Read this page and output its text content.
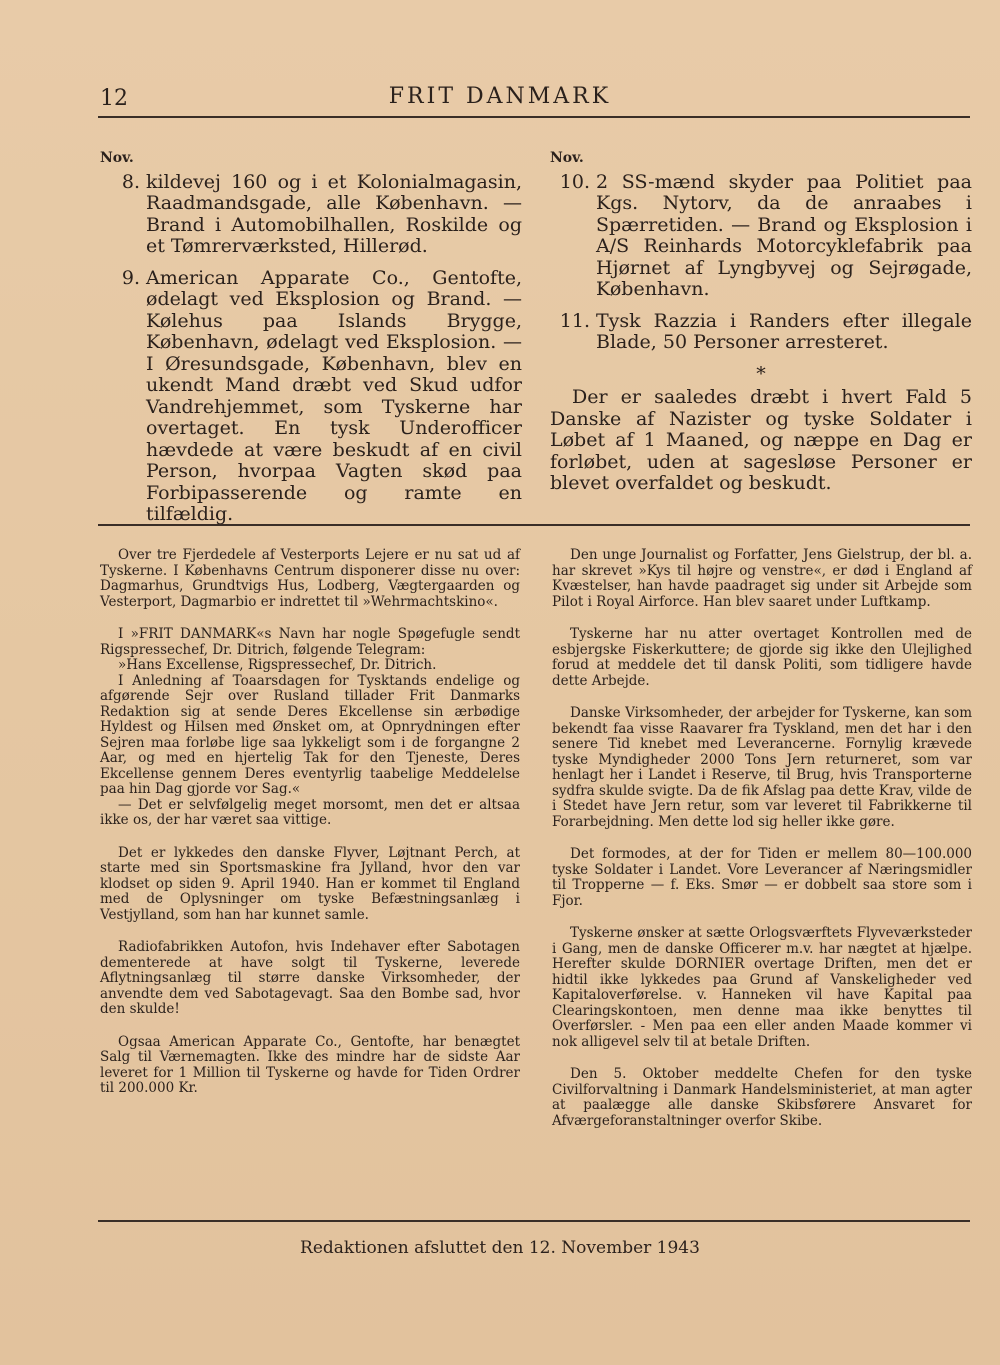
12	FRIT DANMARK
Nov.
8. kildevej 160 og i et Kolonialmagasin, Raadmandsgade, alle København. — Brand i Automobilhallen, Roskilde og et Tømrerværksted, Hillerød.
9. American Apparate Co., Gentofte, ødelagt ved Eksplosion og Brand. — Kølehus paa Islands Brygge, København, ødelagt ved Eksplosion. — I Øresundsgade, København, blev en ukendt Mand dræbt ved Skud udfor Vandrehjemmet, som Tyskerne har overtaget. En tysk Underofficer hævdede at være beskudt af en civil Person, hvorpaa Vagten skød paa Forbipasserende og ramte en tilfældig.
Nov.
10. 2 SS-mænd skyder paa Politiet paa Kgs. Nytorv, da de anraabes i Spærretiden. — Brand og Eksplosion i A/S Reinhards Motorcyklefabrik paa Hjørnet af Lyngbyvej og Sejrøgade, København.
11. Tysk Razzia i Randers efter illegale Blade, 50 Personer arresteret.
*
Der er saaledes dræbt i hvert Fald 5 Danske af Nazister og tyske Soldater i Løbet af 1 Maaned, og næppe en Dag er forløbet, uden at sagesløse Personer er blevet overfaldet og beskudt.

Over tre Fjerdedele af Vesterports Lejere er nu sat ud af Tyskerne. I Københavns Centrum disponerer disse nu over: Dagmarhus, Grundtvigs Hus, Lodberg, Vægtergaarden og Vesterport, Dagmarbio er indrettet til »Wehrmachtskino«.

I »FRIT DANMARK«s Navn har nogle Spøgefugle sendt Rigspressechef, Dr. Ditrich, følgende Telegram:

»Hans Excellense, Rigspressechef, Dr. Ditrich.

I Anledning af Toaarsdagen for Tysktands endelige og afgørende Sejr over Rusland tillader Frit Danmarks Redaktion sig at sende Deres Ekcellense sin ærbødige Hyldest og Hilsen med Ønsket om, at Opnrydningen efter Sejren maa forløbe lige saa lykkeligt som i de forgangne 2 Aar, og med en hjertelig Tak for den Tjeneste, Deres Ekcellense gennem Deres eventyrlig taabelige Meddelelse paa hin Dag gjorde vor Sag.«

— Det er selvfølgelig meget morsomt, men det er altsaa ikke os, der har været saa vittige.

Det er lykkedes den danske Flyver, Løjtnant Perch, at starte med sin Sportsmaskine fra Jylland, hvor den var klodset op siden 9. April 1940. Han er kommet til England med de Oplysninger om tyske Befæstningsanlæg i Vestjylland, som han har kunnet samle.

Radiofabrikken Autofon, hvis Indehaver efter Sabotagen dementerede at have solgt til Tyskerne, leverede Aflytningsanlæg til større danske Virksomheder, der anvendte dem ved Sabotagevagt. Saa den Bombe sad, hvor den skulde!

Ogsaa American Apparate Co., Gentofte, har benægtet Salg til Værnemagten. Ikke des mindre har de sidste Aar leveret for 1 Million til Tyskerne og havde for Tiden Ordrer til 200.000 Kr.

Den unge Journalist og Forfatter, Jens Gielstrup, der bl. a. har skrevet »Kys til højre og venstre«, er død i England af Kvæstelser, han havde paadraget sig under sit Arbejde som Pilot i Royal Airforce. Han blev saaret under Luftkamp.

Tyskerne har nu atter overtaget Kontrollen med de esbjergske Fiskerkuttere; de gjorde sig ikke den Ulejlighed forud at meddele det til dansk Politi, som tidligere havde dette Arbejde.

Danske Virksomheder, der arbejder for Tyskerne, kan som bekendt faa visse Raavarer fra Tyskland, men det har i den senere Tid knebet med Leverancerne. Fornylig krævede tyske Myndigheder 2000 Tons Jern returneret, som var henlagt her i Landet i Reserve, til Brug, hvis Transporterne sydfra skulde svigte. Da de fik Afslag paa dette Krav, vilde de i Stedet have Jern retur, som var leveret til Fabrikkerne til Forarbejdning. Men dette lod sig heller ikke gøre.

Det formodes, at der for Tiden er mellem 80—100.000 tyske Soldater i Landet. Vore Leverancer af Næringsmidler til Tropperne — f. Eks. Smør — er dobbelt saa store som i Fjor.

Tyskerne ønsker at sætte Orlogsværftets Flyveværksteder i Gang, men de danske Officerer m.v. har nægtet at hjælpe. Herefter skulde DORNIER overtage Driften, men det er hidtil ikke lykkedes paa Grund af Vanskeligheder ved Kapitaloverførelse. v. Hanneken vil have Kapital paa Clearingskontoen, men denne maa ikke benyttes til Overførsler. - Men paa een eller anden Maade kommer vi nok alligevel selv til at betale Driften.

Den 5. Oktober meddelte Chefen for den tyske Civilforvaltning i Danmark Handelsministeriet, at man agter at paalægge alle danske Skibsførere Ansvaret for Afværgeforanstaltninger overfor Skibe.

Redaktionen afsluttet den 12. November 1943
